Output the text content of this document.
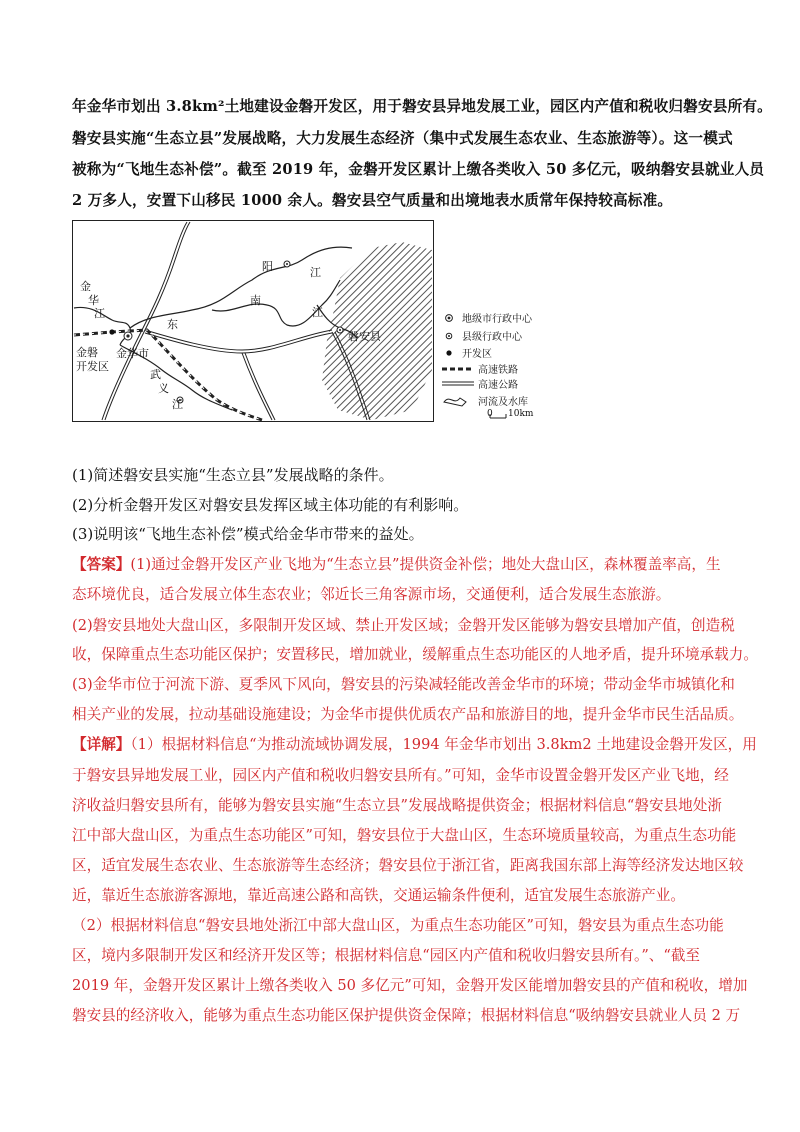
年金华市划出 3.8km²土地建设金磐开发区，用于磐安县异地发展工业，园区内产值和税收归磐安县所有。
磐安县实施“生态立县”发展战略，大力发展生态经济（集中式发展生态农业、生态旅游等）。这一模式
被称为“飞地生态补偿”。截至 2019 年，金磐开发区累计上缴各类收入 50 多亿元，吸纳磐安县就业人员
2 万多人，安置下山移民 1000 余人。磐安县空气质量和出境地表水质常年保持较高标准。
金
华
江
东
阳	江
南
江
磐安县
金磐
开发区
金华市
武
义
江
地级市行政中心
县级行政中心
开发区
高速铁路
高速公路
河流及水库
0 10km
(1)简述磐安县实施“生态立县”发展战略的条件。
(2)分析金磐开发区对磐安县发挥区域主体功能的有利影响。
(3)说明该“飞地生态补偿”模式给金华市带来的益处。
【答案】(1)通过金磐开发区产业飞地为“生态立县”提供资金补偿；地处大盘山区，森林覆盖率高，生
态环境优良，适合发展立体生态农业；邻近长三角客源市场，交通便利，适合发展生态旅游。
(2)磐安县地处大盘山区，多限制开发区域、禁止开发区域；金磐开发区能够为磐安县增加产值，创造税
收，保障重点生态功能区保护；安置移民，增加就业，缓解重点生态功能区的人地矛盾，提升环境承载力。
(3)金华市位于河流下游、夏季风下风向，磐安县的污染减轻能改善金华市的环境；带动金华市城镇化和
相关产业的发展，拉动基础设施建设；为金华市提供优质农产品和旅游目的地，提升金华市民生活品质。
【详解】（1）根据材料信息“为推动流域协调发展，1994 年金华市划出 3.8km2 土地建设金磐开发区，用
于磐安县异地发展工业，园区内产值和税收归磐安县所有。”可知，金华市设置金磐开发区产业飞地，经
济收益归磐安县所有，能够为磐安县实施“生态立县”发展战略提供资金；根据材料信息“磐安县地处浙
江中部大盘山区，为重点生态功能区”可知，磐安县位于大盘山区，生态环境质量较高，为重点生态功能
区，适宜发展生态农业、生态旅游等生态经济；磐安县位于浙江省，距离我国东部上海等经济发达地区较
近，靠近生态旅游客源地，靠近高速公路和高铁，交通运输条件便利，适宜发展生态旅游产业。
（2）根据材料信息“磐安县地处浙江中部大盘山区，为重点生态功能区”可知，磐安县为重点生态功能
区，境内多限制开发区和经济开发区等；根据材料信息“园区内产值和税收归磐安县所有。”、“截至
2019 年，金磐开发区累计上缴各类收入 50 多亿元”可知，金磐开发区能增加磐安县的产值和税收，增加
磐安县的经济收入，能够为重点生态功能区保护提供资金保障；根据材料信息“吸纳磐安县就业人员 2 万
